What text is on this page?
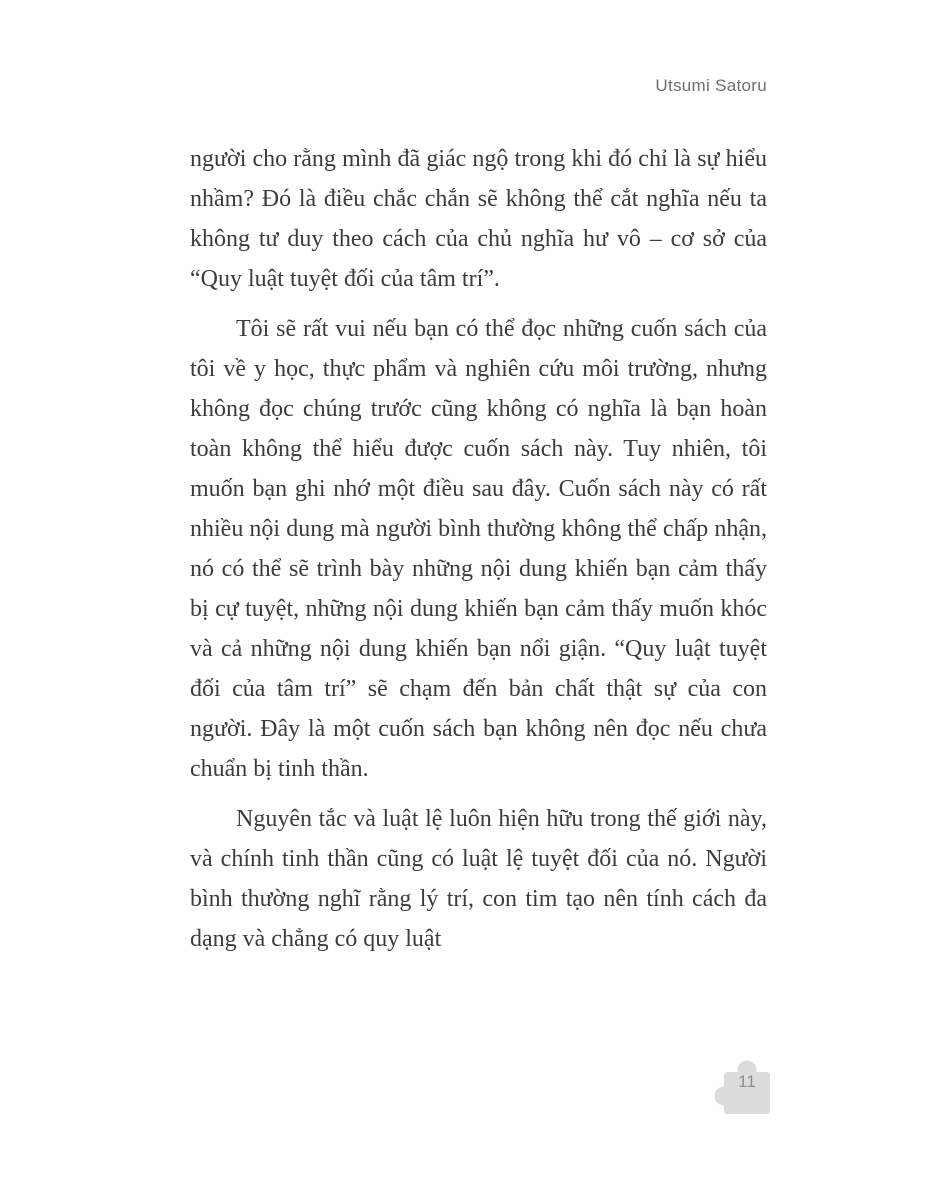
Utsumi Satoru

người cho rằng mình đã giác ngộ trong khi đó chỉ là sự hiểu nhầm? Đó là điều chắc chắn sẽ không thể cắt nghĩa nếu ta không tư duy theo cách của chủ nghĩa hư vô – cơ sở của “Quy luật tuyệt đối của tâm trí”.

Tôi sẽ rất vui nếu bạn có thể đọc những cuốn sách của tôi về y học, thực phẩm và nghiên cứu môi trường, nhưng không đọc chúng trước cũng không có nghĩa là bạn hoàn toàn không thể hiểu được cuốn sách này. Tuy nhiên, tôi muốn bạn ghi nhớ một điều sau đây. Cuốn sách này có rất nhiều nội dung mà người bình thường không thể chấp nhận, nó có thể sẽ trình bày những nội dung khiến bạn cảm thấy bị cự tuyệt, những nội dung khiến bạn cảm thấy muốn khóc và cả những nội dung khiến bạn nổi giận. “Quy luật tuyệt đối của tâm trí” sẽ chạm đến bản chất thật sự của con người. Đây là một cuốn sách bạn không nên đọc nếu chưa chuẩn bị tinh thần.

Nguyên tắc và luật lệ luôn hiện hữu trong thế giới này, và chính tinh thần cũng có luật lệ tuyệt đối của nó. Người bình thường nghĩ rằng lý trí, con tim tạo nên tính cách đa dạng và chẳng có quy luật

11
